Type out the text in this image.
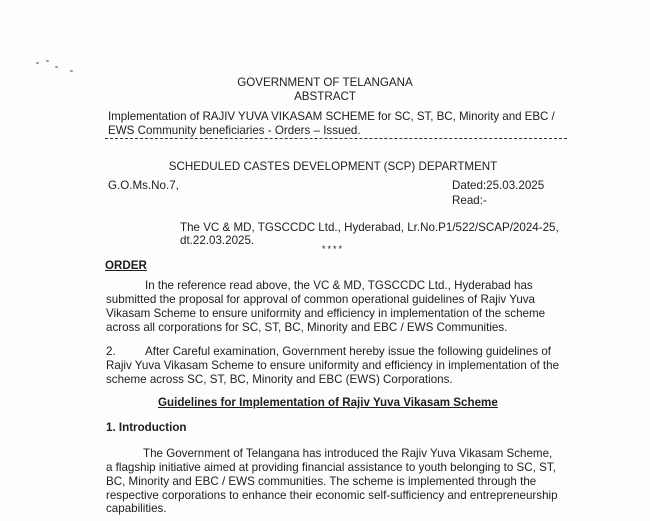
GOVERNMENT OF TELANGANA
ABSTRACT
Implementation of RAJIV YUVA VIKASAM SCHEME for SC, ST, BC, Minority and EBC /
EWS Community beneficiaries - Orders – Issued.
SCHEDULED CASTES DEVELOPMENT (SCP) DEPARTMENT
G.O.Ms.No.7,	Dated:25.03.2025
Read:-
The VC & MD, TGSCCDC Ltd., Hyderabad, Lr.No.P1/522/SCAP/2024-25,
dt.22.03.2025.
****
ORDER
In the reference read above, the VC & MD, TGSCCDC Ltd., Hyderabad has
submitted the proposal for approval of common operational guidelines of Rajiv Yuva
Vikasam Scheme to ensure uniformity and efficiency in implementation of the scheme
across all corporations for SC, ST, BC, Minority and EBC / EWS Communities.
2.	After Careful examination, Government hereby issue the following guidelines of
Rajiv Yuva Vikasam Scheme to ensure uniformity and efficiency in implementation of the
scheme across SC, ST, BC, Minority and EBC (EWS) Corporations.
Guidelines for Implementation of Rajiv Yuva Vikasam Scheme
1. Introduction
The Government of Telangana has introduced the Rajiv Yuva Vikasam Scheme,
a flagship initiative aimed at providing financial assistance to youth belonging to SC, ST,
BC, Minority and EBC / EWS communities. The scheme is implemented through the
respective corporations to enhance their economic self-sufficiency and entrepreneurship
capabilities.
